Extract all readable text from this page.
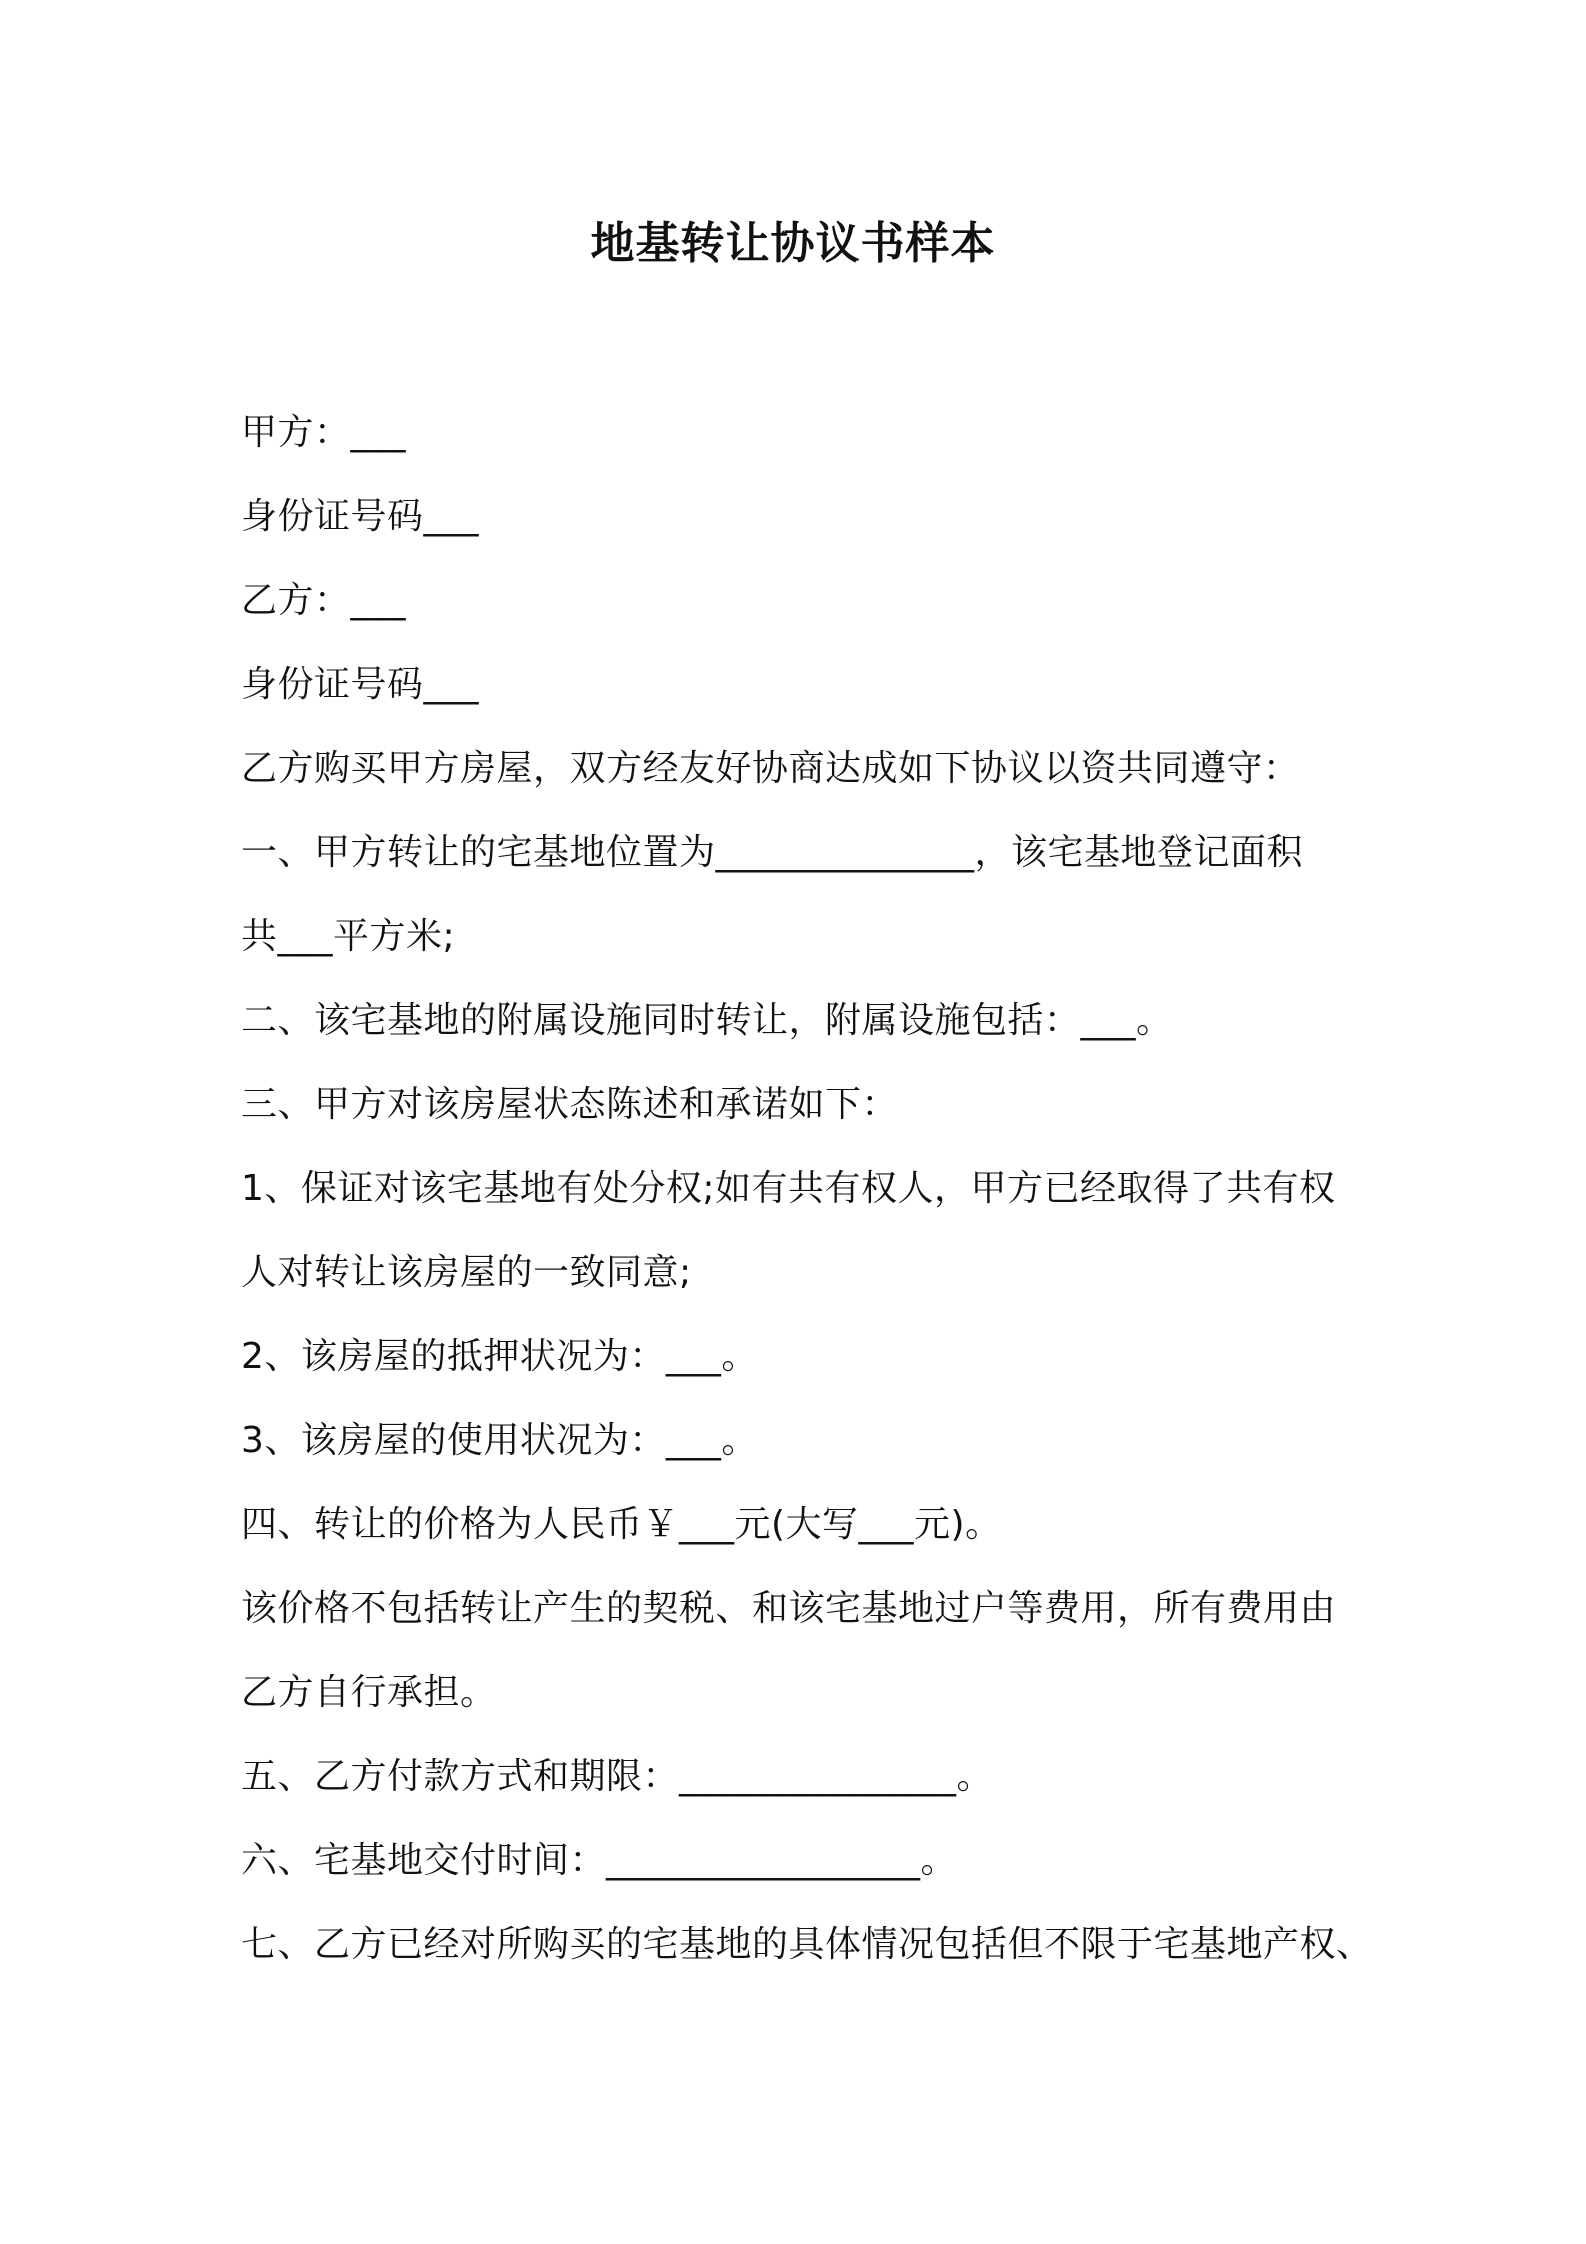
地基转让协议书样本
甲方：___
身份证号码___
乙方：___
身份证号码___
乙方购买甲方房屋，双方经友好协商达成如下协议以资共同遵守：
一、甲方转让的宅基地位置为______________，该宅基地登记面积
共___平方米;
二、该宅基地的附属设施同时转让，附属设施包括：___。
三、甲方对该房屋状态陈述和承诺如下：
1、保证对该宅基地有处分权;如有共有权人，甲方已经取得了共有权
人对转让该房屋的一致同意;
2、该房屋的抵押状况为：___。
3、该房屋的使用状况为：___。
四、转让的价格为人民币￥___元(大写___元)。
该价格不包括转让产生的契税、和该宅基地过户等费用，所有费用由
乙方自行承担。
五、乙方付款方式和期限：_______________。
六、宅基地交付时间：_________________。
七、乙方已经对所购买的宅基地的具体情况包括但不限于宅基地产权、
